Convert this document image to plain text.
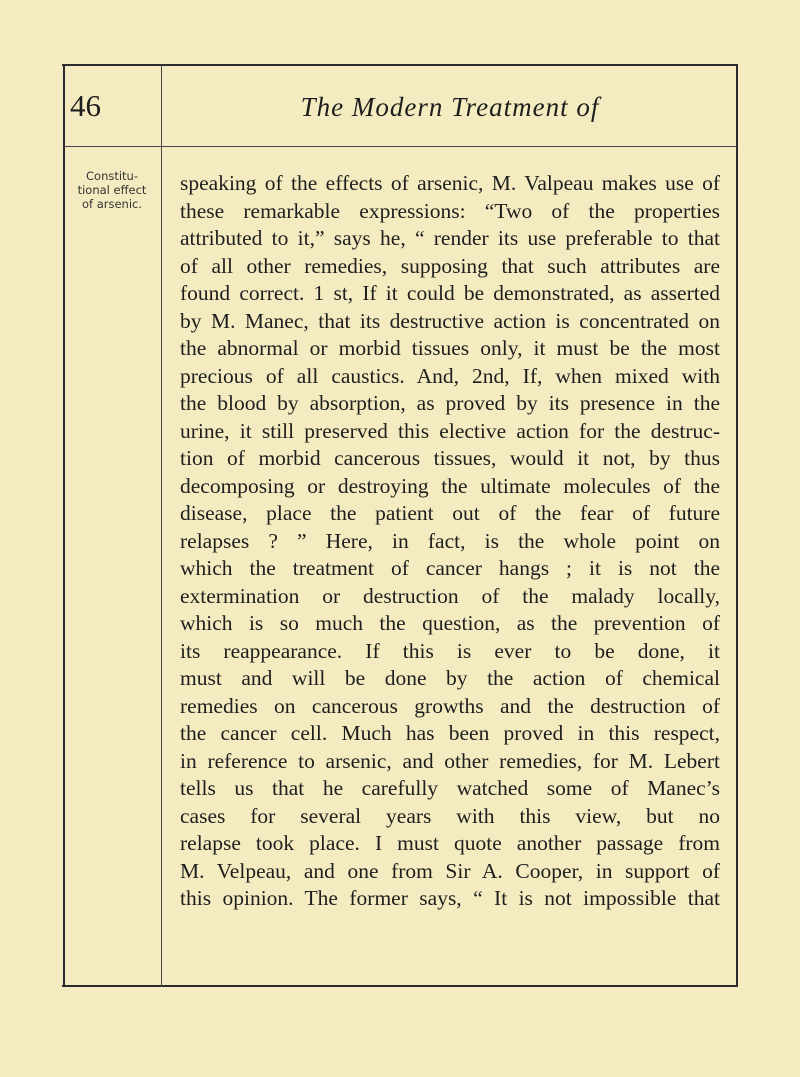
46	The Modern Treatment of
Constitu-
tional effect
of arsenic.
speaking of the effects of arsenic, M. Valpeau makes use of
these remarkable expressions: “Two of the properties
attributed to it,” says he, “ render its use preferable to that
of all other remedies, supposing that such attributes are
found correct. 1 st, If it could be demonstrated, as asserted
by M. Manec, that its destructive action is concentrated on
the abnormal or morbid tissues only, it must be the most
precious of all caustics. And, 2nd, If, when mixed with
the blood by absorption, as proved by its presence in the
urine, it still preserved this elective action for the destruc-
tion of morbid cancerous tissues, would it not, by thus
decomposing or destroying the ultimate molecules of the
disease, place the patient out of the fear of future
relapses ? ” Here, in fact, is the whole point on
which the treatment of cancer hangs ; it is not the
extermination or destruction of the malady locally,
which is so much the question, as the prevention of
its reappearance. If this is ever to be done, it
must and will be done by the action of chemical
remedies on cancerous growths and the destruction of
the cancer cell. Much has been proved in this respect,
in reference to arsenic, and other remedies, for M. Lebert
tells us that he carefully watched some of Manec’s
cases for several years with this view, but no
relapse took place. I must quote another passage from
M. Velpeau, and one from Sir A. Cooper, in support of
this opinion. The former says, “ It is not impossible that
